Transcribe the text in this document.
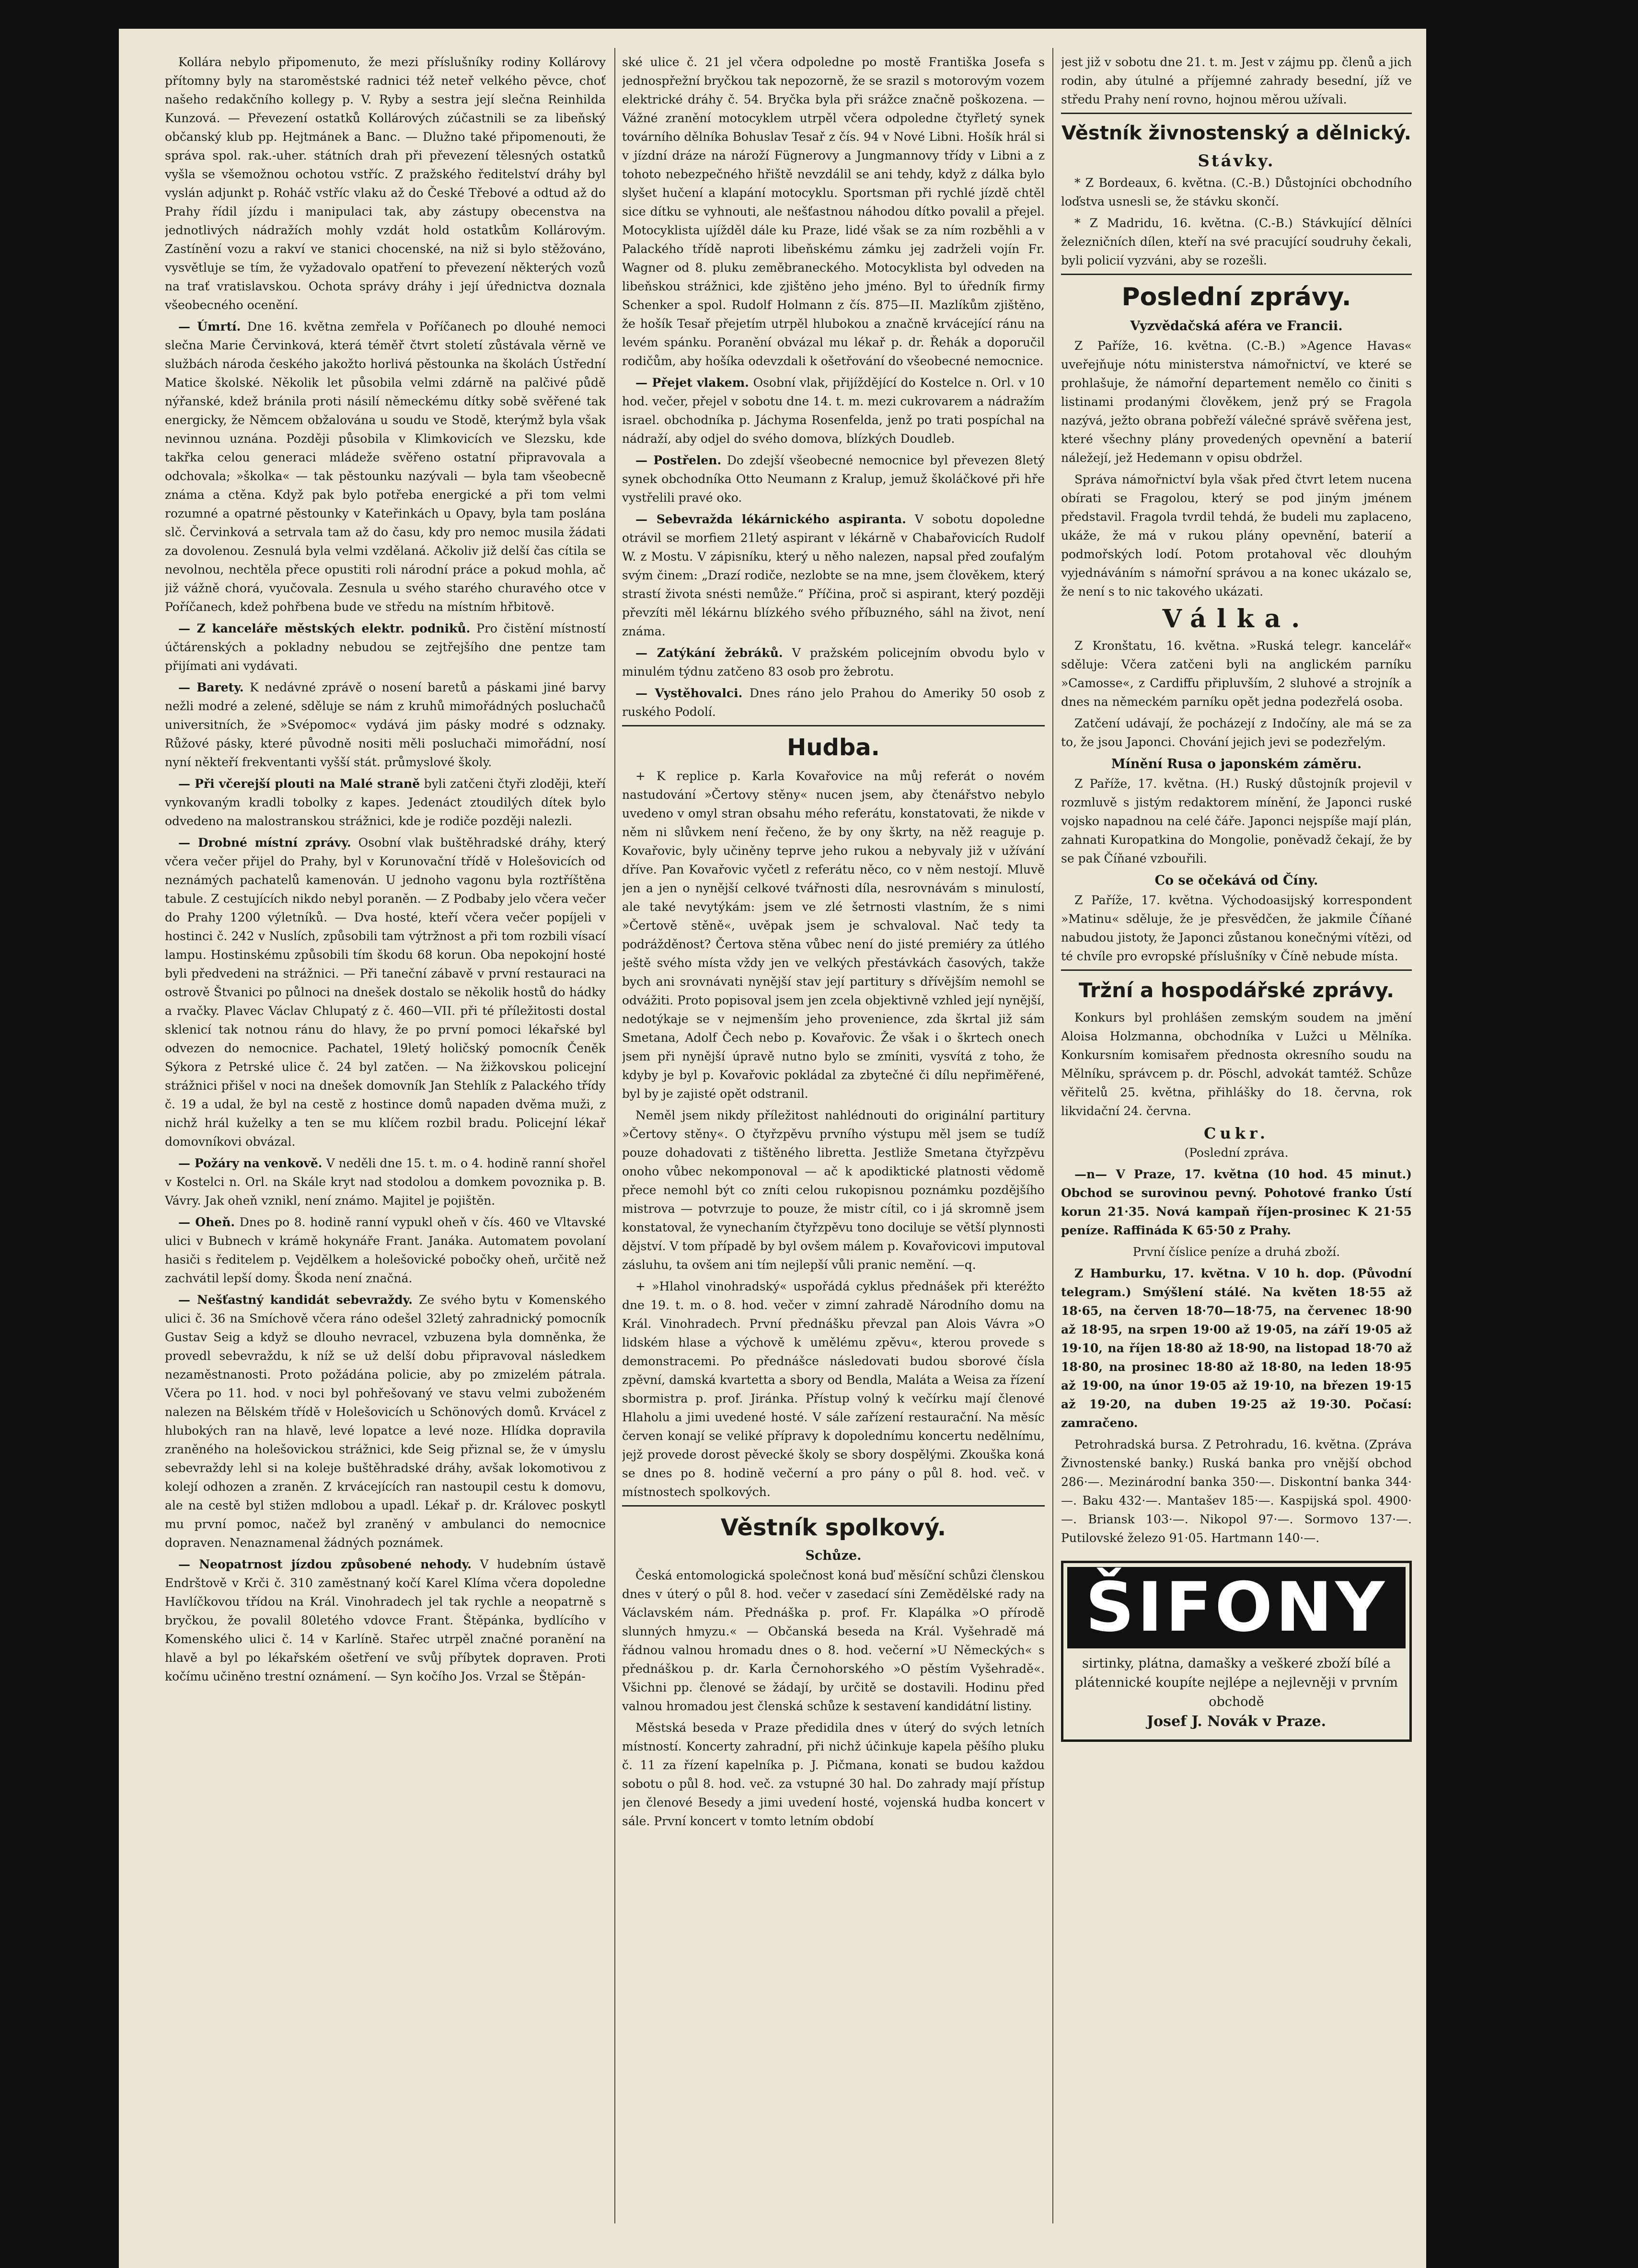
Kollára nebylo připomenuto, že mezi příslušníky rodiny Kollárovy přítomny byly na staroměstské radnici též neteř velkého pěvce, choť našeho redakčního kollegy p. V. Ryby a sestra její slečna Reinhilda Kunzová. — Převezení ostatků Kollárových zúčastnili se za libeňský občanský klub pp. Hejtmánek a Banc. — Dlužno také připomenouti, že správa spol. rak.-uher. státních drah při převezení tělesných ostatků vyšla se všemožnou ochotou vstříc. Z pražského ředitelství dráhy byl vyslán adjunkt p. Roháč vstříc vlaku až do České Třebové a odtud až do Prahy řídil jízdu i manipulaci tak, aby zástupy obecenstva na jednotlivých nádražích mohly vzdát hold ostatkům Kollárovým. Zastínění vozu a rakví ve stanici chocenské, na niž si bylo stěžováno, vysvětluje se tím, že vyžadovalo opatření to převezení některých vozů na trať vratislavskou. Ochota správy dráhy i její úřednictva doznala všeobecného ocenění.

— Úmrtí. Dne 16. května zemřela v Poříčanech po dlouhé nemoci slečna Marie Červinková, která téměř čtvrt století zůstávala věrně ve službách národa českého jakožto horlivá pěstounka na školách Ústřední Matice školské. Několik let působila velmi zdárně na palčivé půdě nýřanské, kdež bránila proti násilí německému dítky sobě svěřené tak energicky, že Němcem obžalována u soudu ve Stodě, kterýmž byla však nevinnou uznána. Později působila v Klimkovicích ve Slezsku, kde takřka celou generaci mládeže svěřeno ostatní připravovala a odchovala; »školka« — tak pěstounku nazývali — byla tam všeobecně známa a ctěna. Když pak bylo potřeba energické a při tom velmi rozumné a opatrné pěstounky v Kateřinkách u Opavy, byla tam poslána slč. Červinková a setrvala tam až do času, kdy pro nemoc musila žádati za dovolenou. Zesnulá byla velmi vzdělaná. Ačkoliv již delší čas cítila se nevolnou, nechtěla přece opustiti roli národní práce a pokud mohla, ač již vážně chorá, vyučovala. Zesnula u svého starého churavého otce v Poříčanech, kdež pohřbena bude ve středu na místním hřbitově.

— Z kanceláře městských elektr. podniků. Pro čistění místností účtárenských a pokladny nebudou se zejtřejšího dne pentze tam přijímati ani vydávati.

— Barety. K nedávné zprávě o nosení baretů a páskami jiné barvy nežli modré a zelené, sděluje se nám z kruhů mimořádných posluchačů universitních, že »Svépomoc« vydává jim pásky modré s odznaky. Růžové pásky, které původně nositi měli posluchači mimořádní, nosí nyní někteří frekventanti vyšší stát. průmyslové školy.

— Při včerejší plouti na Malé straně byli zatčeni čtyři zloději, kteří vynkovaným kradli tobolky z kapes. Jedenáct ztoudilých dítek bylo odvedeno na malostranskou strážnici, kde je rodiče později nalezli.

— Drobné místní zprávy. Osobní vlak buštěhradské dráhy, který včera večer přijel do Prahy, byl v Korunovační třídě v Holešovicích od neznámých pachatelů kamenován. U jednoho vagonu byla roztříštěna tabule. Z cestujících nikdo nebyl poraněn. — Z Podbaby jelo včera večer do Prahy 1200 výletníků. — Dva hosté, kteří včera večer popíjeli v hostinci č. 242 v Nuslích, způsobili tam výtržnost a při tom rozbili vísací lampu. Hostinskému způsobili tím škodu 68 korun. Oba nepokojní hosté byli předvedeni na strážnici. — Při taneční zábavě v první restauraci na ostrově Štvanici po půlnoci na dnešek dostalo se několik hostů do hádky a rvačky. Plavec Václav Chlupatý z č. 460—VII. při té příležitosti dostal sklenicí tak notnou ránu do hlavy, že po první pomoci lékařské byl odvezen do nemocnice. Pachatel, 19letý holičský pomocník Čeněk Sýkora z Petrské ulice č. 24 byl zatčen. — Na žižkovskou policejní strážnici přišel v noci na dnešek domovník Jan Stehlík z Palackého třídy č. 19 a udal, že byl na cestě z hostince domů napaden dvěma muži, z nichž hrál kuželky a ten se mu klíčem rozbil bradu. Policejní lékař domovníkovi obvázal.

— Požáry na venkově. V neděli dne 15. t. m. o 4. hodině ranní shořel v Kostelci n. Orl. na Skále kryt nad stodolou a domkem povoznika p. B. Vávry. Jak oheň vznikl, není známo. Majitel je pojištěn.

— Oheň. Dnes po 8. hodině ranní vypukl oheň v čís. 460 ve Vltavské ulici v Bubnech v krámě hokynáře Frant. Janáka. Automatem povolaní hasiči s ředitelem p. Vejdělkem a holešovické pobočky oheň, určitě než zachvátil lepší domy. Škoda není značná.

— Nešťastný kandidát sebevraždy. Ze svého bytu v Komenského ulici č. 36 na Smíchově včera ráno odešel 32letý zahradnický pomocník Gustav Seig a když se dlouho nevracel, vzbuzena byla domněnka, že provedl sebevraždu, k níž se už delší dobu připravoval následkem nezaměstnanosti. Proto požádána policie, aby po zmizelém pátrala. Včera po 11. hod. v noci byl pohřešovaný ve stavu velmi zuboženém nalezen na Bělském třídě v Holešovicích u Schönových domů. Krvácel z hlubokých ran na hlavě, levé lopatce a levé noze. Hlídka dopravila zraněného na holešovickou strážnici, kde Seig přiznal se, že v úmyslu sebevraždy lehl si na koleje buštěhradské dráhy, avšak lokomotivou z kolejí odhozen a zraněn. Z krvácejících ran nastoupil cestu k domovu, ale na cestě byl stižen mdlobou a upadl. Lékař p. dr. Královec poskytl mu první pomoc, načež byl zraněný v ambulanci do nemocnice dopraven. Nenaznamenal žádných poznámek.

— Neopatrnost jízdou způsobené nehody. V hudebním ústavě Endrštově v Krči č. 310 zaměstnaný kočí Karel Klíma včera dopoledne Havlíčkovou třídou na Král. Vinohradech jel tak rychle a neopatrně s bryčkou, že povalil 80letého vdovce Frant. Štěpánka, bydlícího v Komenského ulici č. 14 v Karlíně. Stařec utrpěl značné poranění na hlavě a byl po lékařském ošetření ve svůj příbytek dopraven. Proti kočímu učiněno trestní oznámení. — Syn kočího Jos. Vrzal se Štěpán-

ské ulice č. 21 jel včera odpoledne po mostě Františka Josefa s jednospřežní bryčkou tak nepozorně, že se srazil s motorovým vozem elektrické dráhy č. 54. Bryčka byla při srážce značně poškozena. — Vážné zranění motocyklem utrpěl včera odpoledne čtyřletý synek továrního dělníka Bohuslav Tesař z čís. 94 v Nové Libni. Hošík hrál si v jízdní dráze na nároží Fügnerovy a Jungmannovy třídy v Libni a z tohoto nebezpečného hřiště nevzdálil se ani tehdy, když z dálka bylo slyšet hučení a klapání motocyklu. Sportsman při rychlé jízdě chtěl sice dítku se vyhnouti, ale nešťastnou náhodou dítko povalil a přejel. Motocyklista ujížděl dále ku Praze, lidé však se za ním rozběhli a v Palackého třídě naproti libeňskému zámku jej zadrželi vojín Fr. Wagner od 8. pluku zeměbraneckého. Motocyklista byl odveden na libeňskou strážnici, kde zjištěno jeho jméno. Byl to úředník firmy Schenker a spol. Rudolf Holmann z čís. 875—II. Mazlíkům zjištěno, že hošík Tesař přejetím utrpěl hlubokou a značně krvácející ránu na levém spánku. Poranění obvázal mu lékař p. dr. Řehák a doporučil rodičům, aby hošíka odevzdali k ošetřování do všeobecné nemocnice.

— Přejet vlakem. Osobní vlak, přijíždějící do Kostelce n. Orl. v 10 hod. večer, přejel v sobotu dne 14. t. m. mezi cukrovarem a nádražím israel. obchodníka p. Jáchyma Rosenfelda, jenž po trati pospíchal na nádraží, aby odjel do svého domova, blízkých Doudleb.

— Postřelen. Do zdejší všeobecné nemocnice byl převezen 8letý synek obchodníka Otto Neumann z Kralup, jemuž školáčkové při hře vystřelili pravé oko.

— Sebevražda lékárnického aspiranta. V sobotu dopoledne otrávil se morfiem 21letý aspirant v lékárně v Chabařovicích Rudolf W. z Mostu. V zápisníku, který u něho nalezen, napsal před zoufalým svým činem: „Drazí rodiče, nezlobte se na mne, jsem člověkem, který strastí života snésti nemůže.“ Příčina, proč si aspirant, který později převzíti měl lékárnu blízkého svého příbuzného, sáhl na život, není známa.

— Zatýkání žebráků. V pražském policejním obvodu bylo v minulém týdnu zatčeno 83 osob pro žebrotu.

— Vystěhovalci. Dnes ráno jelo Prahou do Ameriky 50 osob z ruského Podolí.

Hudba.

+ K replice p. Karla Kovařovice na můj referát o novém nastudování »Čertovy stěny« nucen jsem, aby čtenářstvo nebylo uvedeno v omyl stran obsahu mého referátu, konstatovati, že nikde v něm ni slůvkem není řečeno, že by ony škrty, na něž reaguje p. Kovařovic, byly učiněny teprve jeho rukou a nebyvaly již v užívání dříve. Pan Kovařovic vyčetl z referátu něco, co v něm nestojí. Mluvě jen a jen o nynější celkové tvářnosti díla, nesrovnávám s minulostí, ale také nevytýkám: jsem ve zlé šetrnosti vlastním, že s nimi »Čertově stěně«, uvěpak jsem je schvaloval. Nač tedy ta podrážděnost? Čertova stěna vůbec není do jisté premiéry za útlého ještě svého místa vždy jen ve velkých přestávkách časových, takže bych ani srovnávati nynější stav její partitury s dřívějším nemohl se odvážiti. Proto popisoval jsem jen zcela objektivně vzhled její nynější, nedotýkaje se v nejmenším jeho provenience, zda škrtal již sám Smetana, Adolf Čech nebo p. Kovařovic. Že však i o škrtech onech jsem při nynější úpravě nutno bylo se zmíniti, vysvítá z toho, že kdyby je byl p. Kovařovic pokládal za zbytečné či dílu nepřiměřené, byl by je zajisté opět odstranil.

Neměl jsem nikdy příležitost nahlédnouti do originální partitury »Čertovy stěny«. O čtyřzpěvu prvního výstupu měl jsem se tudíž pouze dohadovati z tištěného libretta. Jestliže Smetana čtyřzpěvu onoho vůbec nekomponoval — ač k apodiktické platnosti vědomě přece nemohl být co zníti celou rukopisnou poznámku pozdějšího mistrova — potvrzuje to pouze, že mistr cítil, co i já skromně jsem konstatoval, že vynechaním čtyřzpěvu tono dociluje se větší plynnosti dějství. V tom případě by byl ovšem málem p. Kovařovicovi imputoval zásluhu, ta ovšem ani tím nejlepší vůli pranic nemění. —q.

+ »Hlahol vinohradský« uspořádá cyklus přednášek při kteréžto dne 19. t. m. o 8. hod. večer v zimní zahradě Národního domu na Král. Vinohradech. První přednášku převzal pan Alois Vávra »O lidském hlase a výchově k umělému zpěvu«, kterou provede s demonstracemi. Po přednášce následovati budou sborové čísla zpěvní, damská kvartetta a sbory od Bendla, Maláta a Weisa za řízení sbormistra p. prof. Jiránka. Přístup volný k večírku mají členové Hlaholu a jimi uvedené hosté. V sále zařízení restaurační. Na měsíc červen konají se veliké přípravy k dopolednímu koncertu nedělnímu, jejž provede dorost pěvecké školy se sbory dospělými. Zkouška koná se dnes po 8. hodině večerní a pro pány o půl 8. hod. več. v místnostech spolkových.

Věstník spolkový.
Schůze.

Česká entomologická společnost koná buď měsíční schůzi členskou dnes v úterý o půl 8. hod. večer v zasedací síni Zemědělské rady na Václavském nám. Přednáška p. prof. Fr. Klapálka »O přírodě slunných hmyzu.« — Občanská beseda na Král. Vyšehradě má řádnou valnou hromadu dnes o 8. hod. večerní »U Německých« s přednáškou p. dr. Karla Černohorského »O pěstím Vyšehradě«. Všichni pp. členové se žádají, by určitě se dostavili. Hodinu před valnou hromadou jest členská schůze k sestavení kandidátní listiny.

Městská beseda v Praze předidila dnes v úterý do svých letních místností. Koncerty zahradní, při nichž účinkuje kapela pěšího pluku č. 11 za řízení kapelníka p. J. Pičmana, konati se budou každou sobotu o půl 8. hod. več. za vstupné 30 hal. Do zahrady mají přístup jen členové Besedy a jimi uvedení hosté, vojenská hudba koncert v sále. První koncert v tomto letním období

jest již v sobotu dne 21. t. m. Jest v zájmu pp. členů a jich rodin, aby útulné a příjemné zahrady besední, jíž ve středu Prahy není rovno, hojnou měrou užívali.

Věstník živnostenský a dělnický.
Stávky.

* Z Bordeaux, 6. května. (C.-B.) Důstojníci obchodního loďstva usnesli se, že stávku skončí.

* Z Madridu, 16. května. (C.-B.) Stávkující dělníci železničních dílen, kteří na své pracující soudruhy čekali, byli policií vyzváni, aby se rozešli.

Poslední zprávy.
Vyzvědačská aféra ve Francii.

Z Paříže, 16. května. (C.-B.) »Agence Havas« uveřejňuje nótu ministerstva námořnictví, ve které se prohlašuje, že námořní departement nemělo co činiti s listinami prodanými člověkem, jenž prý se Fragola nazývá, ježto obrana pobřeží válečné správě svěřena jest, které všechny plány provedených opevnění a baterií náležejí, jež Hedemann v opisu obdržel.

Správa námořnictví byla však před čtvrt letem nucena obírati se Fragolou, který se pod jiným jménem představil. Fragola tvrdil tehdá, že budeli mu zaplaceno, ukáže, že má v rukou plány opevnění, baterií a podmořských lodí. Potom protahoval věc dlouhým vyjednáváním s námořní správou a na konec ukázalo se, že není s to nic takového ukázati.

Válka.

Z Kronštatu, 16. května. »Ruská telegr. kancelář« sděluje: Včera zatčeni byli na anglickém parníku »Camosse«, z Cardiffu připluvším, 2 sluhové a strojník a dnes na německém parníku opět jedna podezřelá osoba.

Zatčení udávají, že pocházejí z Indočíny, ale má se za to, že jsou Japonci. Chování jejich jevi se podezřelým.

Mínění Rusa o japonském záměru.

Z Paříže, 17. května. (H.) Ruský důstojník projevil v rozmluvě s jistým redaktorem mínění, že Japonci ruské vojsko napadnou na celé čáře. Japonci nejspíše mají plán, zahnati Kuropatkina do Mongolie, poněvadž čekají, že by se pak Číňané vzbouřili.

Co se očekává od Číny.

Z Paříže, 17. května. Východoasijský korrespondent »Matinu« sděluje, že je přesvědčen, že jakmile Číňané nabudou jistoty, že Japonci zůstanou konečnými vítězi, od té chvíle pro evropské příslušníky v Číně nebude místa.

Tržní a hospodářské zprávy.

Konkurs byl prohlášen zemským soudem na jmění Aloisa Holzmanna, obchodníka v Lužci u Mělníka. Konkursním komisařem přednosta okresního soudu na Mělníku, správcem p. dr. Pöschl, advokát tamtéž. Schůze věřitelů 25. května, přihlášky do 18. června, rok likvidační 24. června.

Cukr.

(Poslední zpráva.

—n— V Praze, 17. května (10 hod. 45 minut.) Obchod se surovinou pevný. Pohotové franko Ústí korun 21·35. Nová kampaň říjen-prosinec K 21·55 peníze. Raffináda K 65·50 z Prahy.

První číslice peníze a druhá zboží.

Z Hamburku, 17. května. V 10 h. dop. (Původní telegram.) Smýšlení stálé. Na květen 18·55 až 18·65, na červen 18·70—18·75, na červenec 18·90 až 18·95, na srpen 19·00 až 19·05, na září 19·05 až 19·10, na říjen 18·80 až 18·90, na listopad 18·70 až 18·80, na prosinec 18·80 až 18·80, na leden 18·95 až 19·00, na únor 19·05 až 19·10, na březen 19·15 až 19·20, na duben 19·25 až 19·30. Počasí: zamračeno.

Petrohradská bursa. Z Petrohradu, 16. května. (Zpráva Živnostenské banky.) Ruská banka pro vnější obchod 286·—. Mezinárodní banka 350·—. Diskontní banka 344·—. Baku 432·—. Mantašev 185·—. Kaspijská spol. 4900·—. Briansk 103·—. Nikopol 97·—. Sormovo 137·—. Putilovské železo 91·05. Hartmann 140·—.

ŠIFONY
sirtinky, plátna, damašky a veškeré zboží bílé a plátennické koupíte nejlépe a nejlevněji v prvním obchodě
Josef J. Novák v Praze.
